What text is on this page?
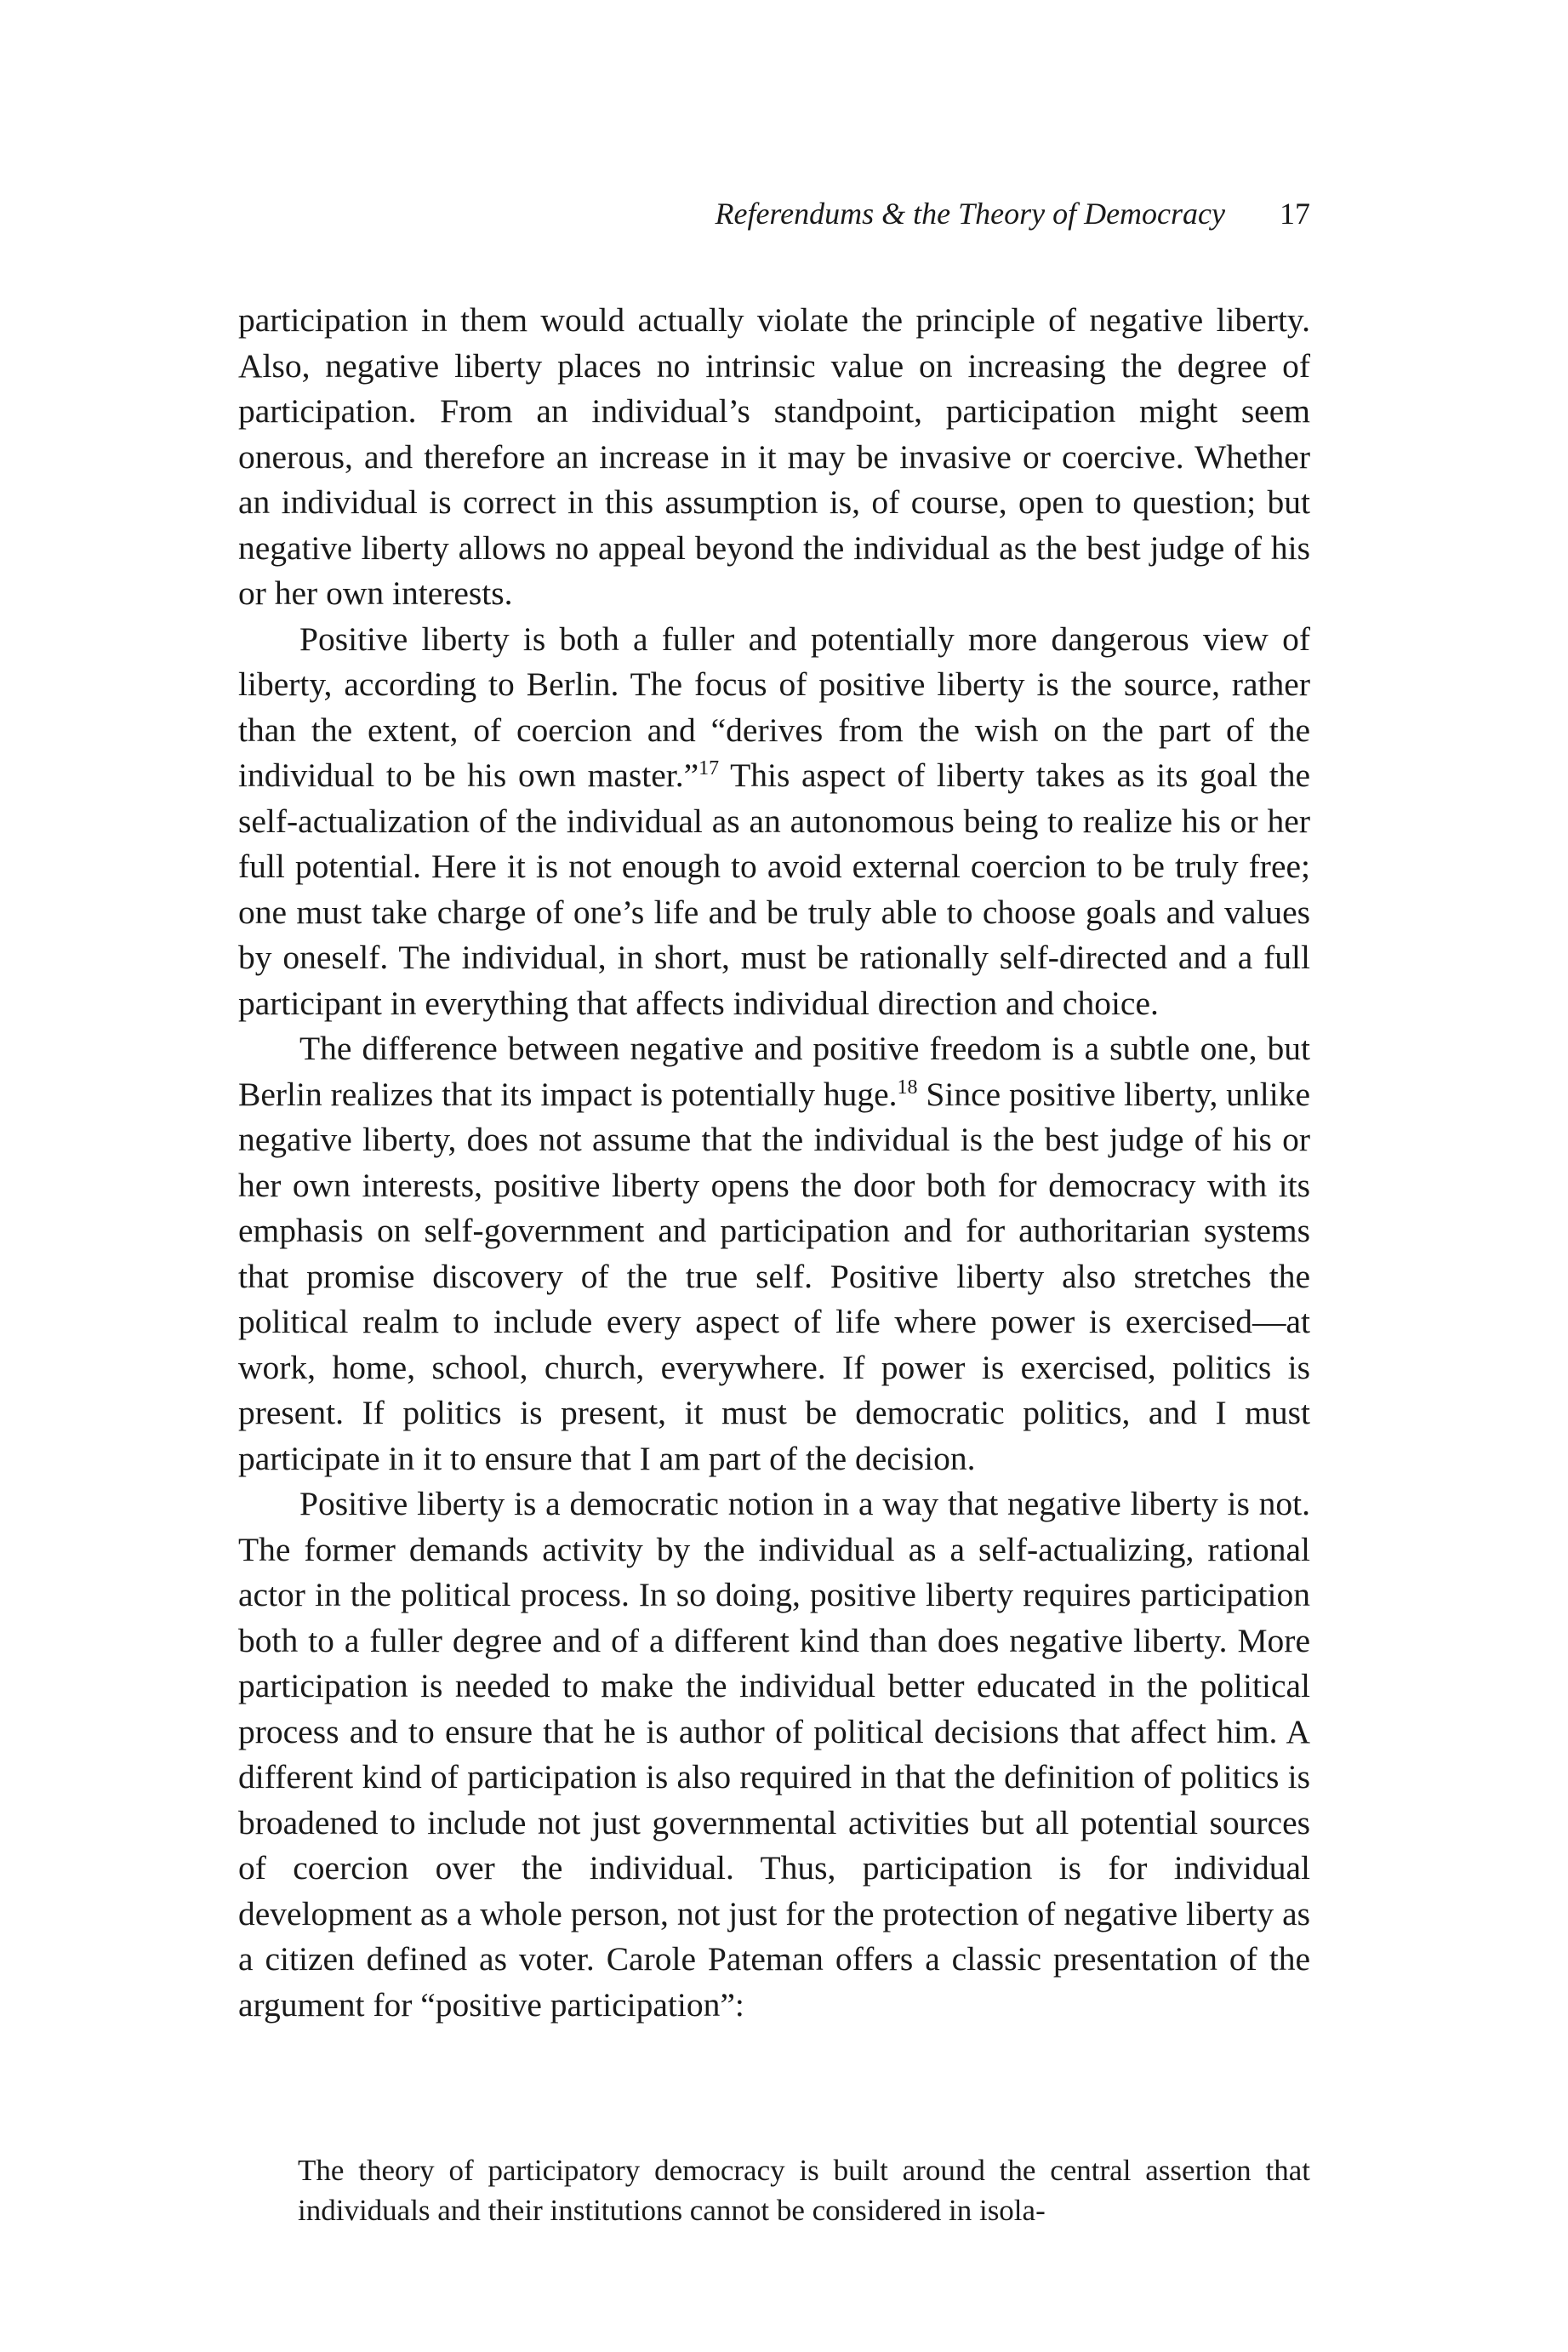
Referendums & the Theory of Democracy 17

participation in them would actually violate the principle of negative liberty. Also, negative liberty places no intrinsic value on increasing the degree of participation. From an individual’s standpoint, participation might seem onerous, and therefore an increase in it may be invasive or coercive. Whether an individual is correct in this assumption is, of course, open to question; but negative liberty allows no appeal beyond the individual as the best judge of his or her own interests.

Positive liberty is both a fuller and potentially more dangerous view of liberty, according to Berlin. The focus of positive liberty is the source, rather than the extent, of coercion and “derives from the wish on the part of the individual to be his own master.”$^{17}$ This aspect of liberty takes as its goal the self-actualization of the individual as an autonomous being to realize his or her full potential. Here it is not enough to avoid external coercion to be truly free; one must take charge of one’s life and be truly able to choose goals and values by oneself. The individual, in short, must be rationally self-directed and a full participant in everything that affects individual direction and choice.

The difference between negative and positive freedom is a subtle one, but Berlin realizes that its impact is potentially huge.$^{18}$ Since positive liberty, unlike negative liberty, does not assume that the individual is the best judge of his or her own interests, positive liberty opens the door both for democracy with its emphasis on self-government and participation and for authoritarian systems that promise discovery of the true self. Positive liberty also stretches the political realm to include every aspect of life where power is exercised—at work, home, school, church, everywhere. If power is exercised, politics is present. If politics is present, it must be democratic politics, and I must participate in it to ensure that I am part of the decision.

Positive liberty is a democratic notion in a way that negative liberty is not. The former demands activity by the individual as a self-actualizing, rational actor in the political process. In so doing, positive liberty requires participation both to a fuller degree and of a different kind than does negative liberty. More participation is needed to make the individual better educated in the political process and to ensure that he is author of political decisions that affect him. A different kind of participation is also required in that the definition of politics is broadened to include not just governmental activities but all potential sources of coercion over the individual. Thus, participation is for individual development as a whole person, not just for the protection of negative liberty as a citizen defined as voter. Carole Pateman offers a classic presentation of the argument for “positive participation”:

The theory of participatory democracy is built around the central assertion that individuals and their institutions cannot be considered in isola-
